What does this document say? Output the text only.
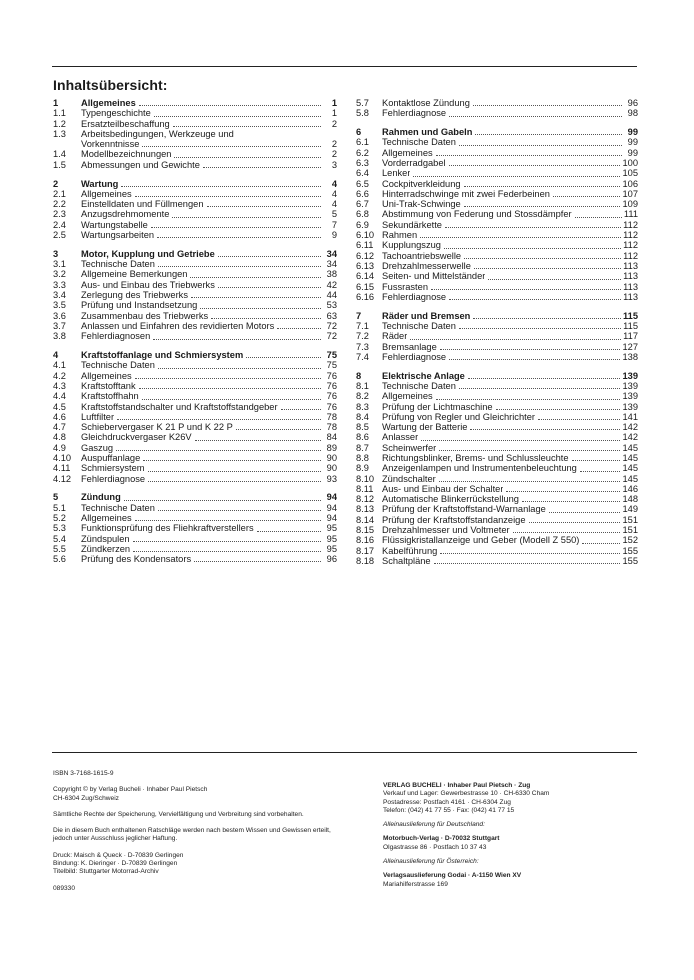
Inhaltsübersicht:
1	Allgemeines	1
1.1	Typengeschichte	1
1.2	Ersatzteilbeschaffung	2
1.3	Arbeitsbedingungen, Werkzeuge und
Vorkenntnisse	2
1.4	Modellbezeichnungen	2
1.5	Abmessungen und Gewichte	3
2	Wartung	4
2.1	Allgemeines	4
2.2	Einstelldaten und Füllmengen	4
2.3	Anzugsdrehmomente	5
2.4	Wartungstabelle	7
2.5	Wartungsarbeiten	9
3	Motor, Kupplung und Getriebe	34
3.1	Technische Daten	34
3.2	Allgemeine Bemerkungen	38
3.3	Aus- und Einbau des Triebwerks	42
3.4	Zerlegung des Triebwerks	44
3.5	Prüfung und Instandsetzung	53
3.6	Zusammenbau des Triebwerks	63
3.7	Anlassen und Einfahren des revidierten Motors	72
3.8	Fehlerdiagnosen	72
4	Kraftstoffanlage und Schmiersystem	75
4.1	Technische Daten	75
4.2	Allgemeines	76
4.3	Kraftstofftank	76
4.4	Kraftstoffhahn	76
4.5	Kraftstoffstandschalter und Kraftstoffstandgeber	76
4.6	Luftfilter	78
4.7	Schiebervergaser K 21 P und K 22 P	78
4.8	Gleichdruckvergaser K26V	84
4.9	Gaszug	89
4.10	Auspuffanlage	90
4.11	Schmiersystem	90
4.12	Fehlerdiagnose	93
5	Zündung	94
5.1	Technische Daten	94
5.2	Allgemeines	94
5.3	Funktionsprüfung des Fliehkraftverstellers	95
5.4	Zündspulen	95
5.5	Zündkerzen	95
5.6	Prüfung des Kondensators	96
5.7	Kontaktlose Zündung	96
5.8	Fehlerdiagnose	98
6	Rahmen und Gabeln	99
6.1	Technische Daten	99
6.2	Allgemeines	99
6.3	Vorderradgabel	100
6.4	Lenker	105
6.5	Cockpitverkleidung	106
6.6	Hinterradschwinge mit zwei Federbeinen	107
6.7	Uni-Trak-Schwinge	109
6.8	Abstimmung von Federung und Stossdämpfer	111
6.9	Sekundärkette	112
6.10 Rahmen	112
6.11 Kupplungszug	112
6.12 Tachoantriebswelle	112
6.13 Drehzahlmesserwelle	113
6.14 Seiten- und Mittelständer	113
6.15 Fussrasten	113
6.16 Fehlerdiagnose	113
7	Räder und Bremsen	115
7.1	Technische Daten	115
7.2	Räder	117
7.3	Bremsanlage	127
7.4	Fehlerdiagnose	138
8	Elektrische Anlage	139
8.1	Technische Daten	139
8.2	Allgemeines	139
8.3	Prüfung der Lichtmaschine	139
8.4	Prüfung von Regler und Gleichrichter	141
8.5	Wartung der Batterie	142
8.6	Anlasser	142
8.7	Scheinwerfer	145
8.8	Richtungsblinker, Brems- und Schlussleuchte	145
8.9	Anzeigenlampen und Instrumentenbeleuchtung	145
8.10 Zündschalter	145
8.11 Aus- und Einbau der Schalter	146
8.12 Automatische Blinkerrückstellung	148
8.13 Prüfung der Kraftstoffstand-Warnanlage	149
8.14 Prüfung der Kraftstoffstandanzeige	151
8.15 Drehzahlmesser und Voltmeter	151
8.16 Flüssigkristallanzeige und Geber (Modell Z 550)	152
8.17 Kabelführung	155
8.18 Schaltpläne	155

ISBN 3-7168-1615-9

Copyright © by Verlag Bucheli · Inhaber Paul Pietsch

CH-6304 Zug/Schweiz

Sämtliche Rechte der Speicherung, Vervielfältigung und Verbreitung sind vorbehalten.

Die in diesem Buch enthaltenen Ratschläge werden nach bestem Wissen und Gewissen erteilt,

jedoch unter Ausschluss jeglicher Haftung.

Druck: Maisch & Queck · D-70839 Gerlingen

Bindung: K. Dieringer · D-70839 Gerlingen

Titelbild: Stuttgarter Motorrad-Archiv

089330

VERLAG BUCHELI · Inhaber Paul Pietsch · Zug

Verkauf und Lager: Gewerbestrasse 10 · CH-6330 Cham

Postadresse: Postfach 4161 · CH-6304 Zug

Telefon: (042) 41 77 55 · Fax: (042) 41 77 15

Alleinauslieferung für Deutschland:

Motorbuch-Verlag · D-70032 Stuttgart

Olgastrasse 86 · Postfach 10 37 43

Alleinauslieferung für Österreich:

Verlagsauslieferung Godai · A-1150 Wien XV

Mariahilferstrasse 169
